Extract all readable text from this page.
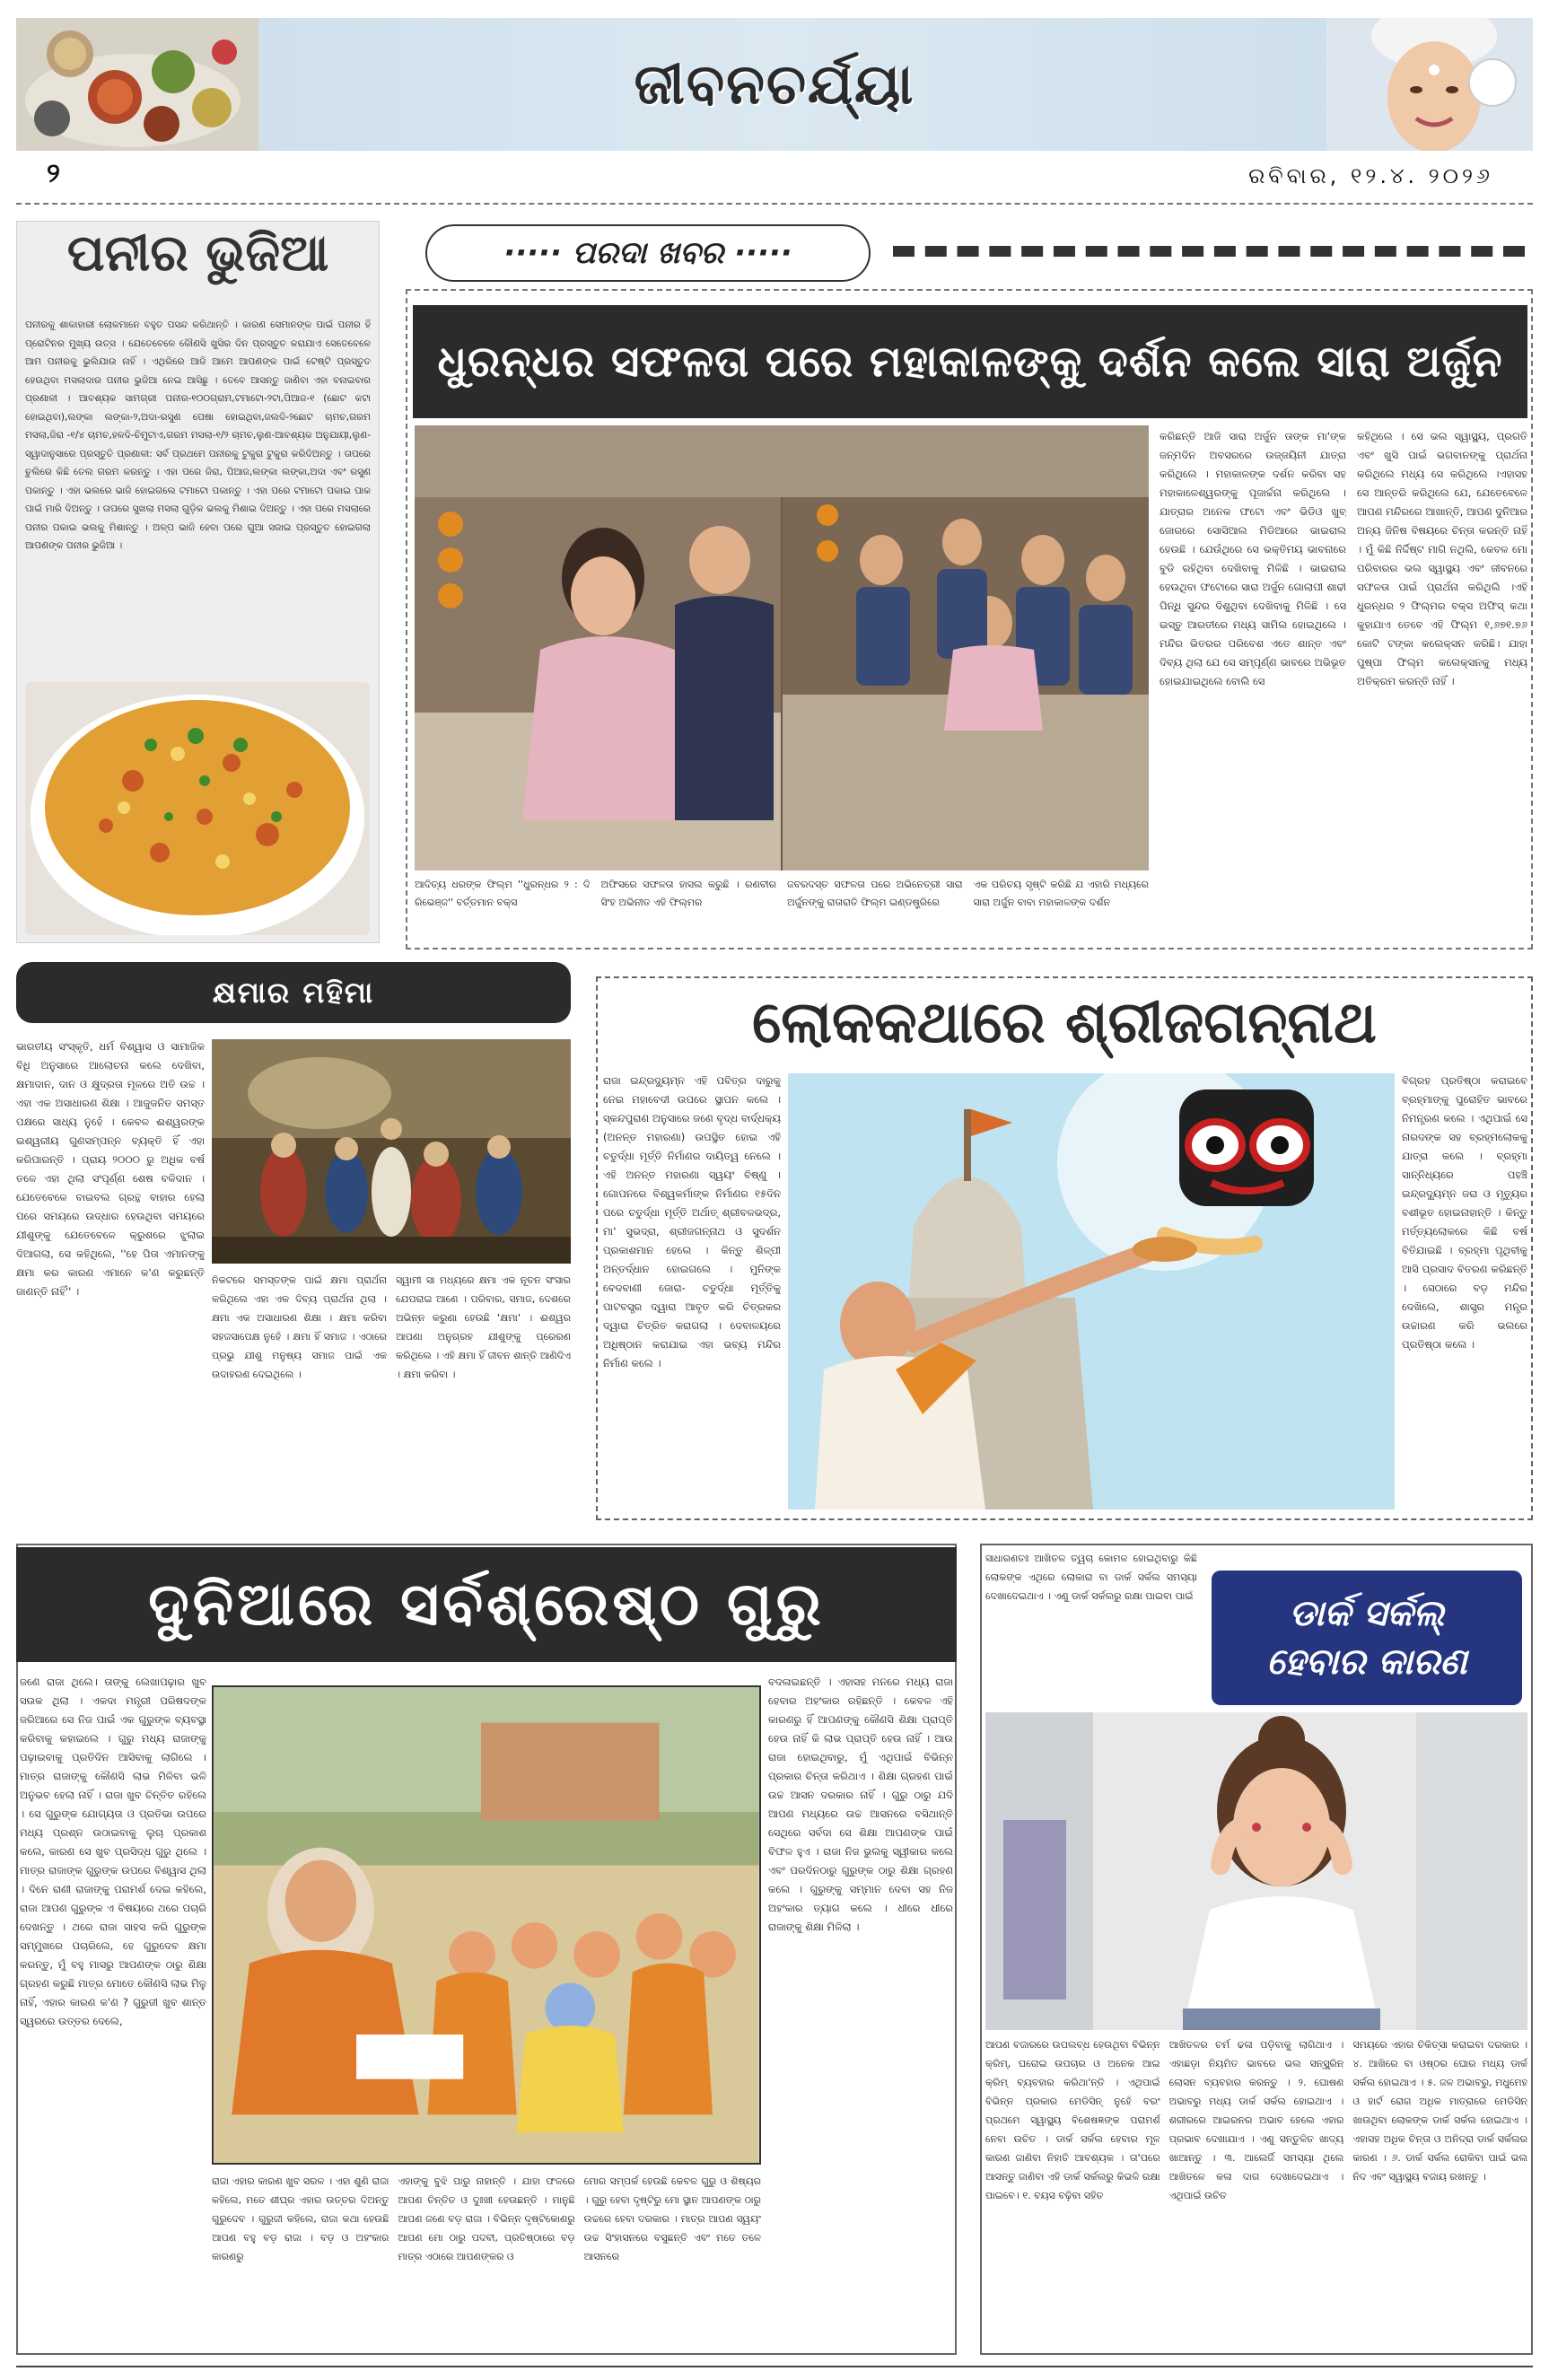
ଜୀବନଚର୍ଯ୍ୟା
୨	ରବିବାର, ୧୨.୪. ୨୦୨୬
ପନୀର ଭୁଜିଆ
ପନୀରକୁ ଶାକାହାରୀ ଲୋକମାନେ ବହୁତ ପସନ୍ଦ କରିଥାନ୍ତି । କାରଣ ସେମାନଙ୍କ ପାଇଁ ପନୀର ହିଁ ପ୍ରୋଟିନର ମୁଖ୍ୟ ଉତ୍ସ । ଯେତେବେଳେ କୌଣସି ଖୁସିର ଦିନ ପ୍ରସ୍ତୁତ କରାଯାଏ ସେତେବେଳେ ଆମ ପନୀରକୁ ଭୁଲିଯାଉ ନାହିଁ । ଏଥିରିରେ ଆଜି ଆମେ ଆପଣଙ୍କ ପାଇଁ ଟେଷ୍ଟି ପ୍ରସ୍ତୁତ ହେଉଥିବା ମସଲାଦାର ପନୀର ଭୁଜିଆ ନେଇ ଆସିଛୁ । ତେବେ ଆସନ୍ତୁ ଜାଣିବା ଏହା ବନାଇବାର ପ୍ରଣାଳୀ । ଆବଶ୍ୟକ ସାମଗ୍ରୀ ପନୀର-୧୦୦ଗ୍ରାମ,ଟମାଟୋ-୨ଟା,ପିଆଜ-୧ (ଛୋଟ କଟା ହୋଇଥିବା),ଲଙ୍କା ଲଙ୍କା-୨,ଅଦା-ରସୁଣ ପେଷା ହୋଇଥିବା,ଜଲଦି-୨ଛୋଟ ଚାମଚ,ଗରମ ମସଲା,ଜିରା -୧/୪ ଚାମଚ,ହଳଦି-ଚିମୁଟାଏ,ଗରମ ମସଲା-୧/୨ ଚାମଚ,ଲୁଣ-ଆବଶ୍ୟକ ଅନୁଯାୟୀ,ଲୁଣ-ସ୍ୱାଦାନୁସାରେ ପ୍ରସ୍ତୁତି ପ୍ରଣାଳୀ: ସର୍ବ ପ୍ରଥମେ ପନୀରକୁ ଟୁକୁରା ଟୁକୁରା କରିଦିଅନ୍ତୁ । ତାପରେ ଚୁଲିରେ କିଛି ତେଲ ଗରମ କରନ୍ତୁ । ଏହା ପରେ ଜିରା, ପିଆଜ,ଲଙ୍କା ଲଙ୍କା,ଅଦା ଏବଂ ରସୁଣ ପକାନ୍ତୁ । ଏହା ଭଲରେ ଭାଜି ହୋଇଗଲେ ଟମାଟୋ ପକାନ୍ତୁ । ଏହା ପରେ ଟମାଟୋ ପକାଇ ପାକ ପାଇଁ ମାରି ଦିଅନ୍ତୁ । ତାପରେ ସୁଖଲା ମସଲା ଗୁଡ଼ିକ ଭଲକୁ ମିଶାଇ ଦିଅନ୍ତୁ । ଏହା ପରେ ମସଲାରେ ପନୀର ପକାଇ ଭଲକୁ ମିଶାନ୍ତୁ । ଅଳ୍ପ ଭାଜି ହେବା ପରେ ଗୁଆ ସଜାଇ ପ୍ରସ୍ତୁତ ହୋଇଗଲା ଆପଣଙ୍କ ପନୀର ଭୁଜିଆ ।
····· ପରଦା ଖବର ·····
ଧୁରନ୍ଧର ସଫଳତା ପରେ ମହାକାଳଙ୍କୁ ଦର୍ଶନ କଲେ ସାରା ଅର୍ଜୁନ
କରିଛନ୍ତି ଆଜି ସାରା ଅର୍ଜୁନ ତାଙ୍କ ମା'ଙ୍କ ଜନ୍ମଦିନ ଅବସରରେ ଉଜ୍ଜୟିନୀ ଯାତ୍ରା କରିଥିଲେ । ମହାକାଳଙ୍କ ଦର୍ଶନ କରିବା ସହ ମହାକାଳେଶ୍ୱରଙ୍କୁ ପୂଜାର୍ଚ୍ଚନା କରିଥିଲେ । ଯାତ୍ରାର ଅନେକ ଫଟୋ ଏବଂ ଭିଡିଓ ଖୁବ୍ ଜୋରରେ ସୋସିଆଲ ମିଡିଆରେ ଭାଇରାଲ ହେଉଛି । ଯେଉଁଥିରେ ସେ ଭକ୍ତିମୟ ଭାବନାରେ ବୁଡି ରହିଥିବା ଦେଖିବାକୁ ମିଳିଛି । ଭାଇରାଲ ହେଉଥିବା ଫଟୋରେ ସାରା ଅର୍ଜୁନ ଗୋଲାପୀ ଶାଢୀ ପିନ୍ଧି ସୁନ୍ଦର ଦିଶୁଥିବା ଦେଖିବାକୁ ମିଳିଛି । ସେ ଇସ୍ତୁ ଆରତୀରେ ମଧ୍ୟ ସାମିଲ ହୋଇଥିଲେ । ମନ୍ଦିର ଭିତରର ପରିବେଶ ଏତେ ଶାନ୍ତ ଏବଂ ଦିବ୍ୟ ଥିଲା ଯେ ସେ ସମ୍ପୂର୍ଣ୍ଣ ଭାବରେ ଅଭିଭୂତ ହୋଇଯାଇଥିଲେ ବୋଲି ସେ
କହିଥିଲେ । ସେ ଭଲ ସ୍ୱାସ୍ଥ୍ୟ, ପ୍ରଗତି ଏବଂ ଖୁସି ପାଇଁ ଭଗବାନଙ୍କୁ ପ୍ରାର୍ଥନା କରିଥିଲେ ମଧ୍ୟ ସେ କରିଥିଲେ ।ଏହାସହ ସେ ଆନ୍ତରି କରିଥିଲେ ଯେ, ଯେତେବେଳେ ଆପଣ ମନ୍ଦିରରେ ଆଖାନ୍ତି, ଆପଣ ଦୁନିଆର ଅନ୍ୟ ଜିନିଷ ବିଷୟରେ ଚିନ୍ତା କରନ୍ତି ନାହିଁ । ମୁଁ କିଛି ନିର୍ଦ୍ଦିଷ୍ଟ ମାଗି ନଥିଲି, କେବଳ ମୋ ପରିବାରର ଭଲ ସ୍ୱାସ୍ଥ୍ୟ ଏବଂ ଜୀବନରେ ସଫଳତା ପାଇଁ ପ୍ରାର୍ଥନା କରିଥିଲି ।ଏହି ଧୁରନ୍ଧର ୨ ଫିଲ୍ମର ବକ୍ସ ଅଫିସ୍ କଥା କୁହାଯାଏ ତେବେ ଏହି ଫିଲ୍ମ ୧,୬୭୧.୭୬ କୋଟି ଟଙ୍କା କଲେକ୍ସନ କରିଛି। ଯାହା ପୁଷ୍ପା ଫିଲ୍ମ କଲେକ୍ସନକୁ ମଧ୍ୟ ଅତିକ୍ରମ କରନ୍ତି ନାହିଁ ।
ଆଦିତ୍ୟ ଧରଙ୍କ ଫିଲ୍ମ ''ଧୁରନ୍ଧର ୨ : ଦି ରିଭେଞ୍ଜ'' ବର୍ତ୍ତମାନ ବକ୍ସ
ଅଫିସରେ ସଫଳତା ହାସଲ କରୁଛି । ରଣବୀର ସିଂହ ଅଭିନୀତ ଏହି ଫିଲ୍ମର
ଜବରଦସ୍ତ ସଫଳତା ପରେ ଅଭିନେତ୍ରୀ ସାରା ଅର୍ଜୁନଙ୍କୁ ରାତାରାତି ଫିଲ୍ମ ଇଣ୍ଡଷ୍ଟ୍ରିରେ
ଏକ ପରିଚୟ ସୃଷ୍ଟି କରିଛି ଯ ଏହାରି ମଧ୍ୟରେ ସାରା ଅର୍ଜୁନ ବାବା ମହାକାଳଙ୍କ ଦର୍ଶନ
କ୍ଷମାର ମହିମା
ଭାରତୀୟ ସଂସ୍କୃତି, ଧର୍ମ ବିଶ୍ୱାସ ଓ ସାମାଜିକ ବିଧି ଅନୁସାରେ ଆଲୋଚନା କଲେ ଦେଖିବା, କ୍ଷମାଦାନ, ଦାନ ଓ କ୍ଷୁଦ୍ରତା ମୂଳରେ ଅତି ଉଚ୍ଚ । ଏହା ଏକ ଅସାଧାରଣ ଶିକ୍ଷା । ଆଜୁଜନିତ ସମସ୍ତ ପକ୍ଷରେ ସାଧ୍ୟ ନୁହେଁ । କେବଳ ଈଶ୍ୱରଙ୍କ ଇଶ୍ୱରୀୟ ଗୁଣସମ୍ପନ୍ନ ବ୍ୟକ୍ତି ହିଁ ଏହା କରିପାରନ୍ତି । ପ୍ରାୟ ୨୦୦୦ ରୁ ଅଧିକ ବର୍ଷ ତଳେ ଏହା ଥିଲା ସଂପୂର୍ଣ୍ଣ ଶେଷ ବଳିଦାନ । ଯେତେବେଳେ ବାଇବଲ ଗ୍ରନ୍ଥ ବାହାର ହେଲା ପରେ ସମୟରେ ଉଦ୍ଧାର ହେଉଥିବା ସମୟରେ ଯୀଶୁଙ୍କୁ ଯେତେବେଳେ କ୍ରୁଶରେ ଝୁଲାଇ ଦିଆଗଲା, ସେ କହିଥିଲେ, ''ହେ ପିତା ଏମାନଙ୍କୁ କ୍ଷମା କର କାରଣ ଏମାନେ କ'ଣ କରୁଛନ୍ତି ଜାଣନ୍ତି ନାହିଁ'' ।
ନିକଟରେ ସମସ୍ତଙ୍କ ପାଇଁ କ୍ଷମା ପ୍ରାର୍ଥନା କରିଥିଲେ ଏହା ଏକ ଦିବ୍ୟ ପ୍ରାର୍ଥନା ଥିଲା । କ୍ଷମା ଏକ ଅସାଧାରଣ ଶିକ୍ଷା । କ୍ଷମା କରିବା ସହଜସାପେକ୍ଷ ନୁହେଁ । କ୍ଷମା ହିଁ ସମାଜ । ଏଠାରେ ପ୍ରଭୁ ଯୀଶୁ ମନୁଷ୍ୟ ସମାଜ ପାଇଁ ଏକ ଉଦାହରଣ ଦେଇଥିଲେ ।
ସ୍ୱାମୀ ସା ମଧ୍ୟରେ କ୍ଷମା ଏକ ନୂତନ ସଂସାର ଯେପରାଇ ଆଣେ । ପରିବାର, ସମାଜ, ଦେଶରେ ଅଭିନ୍ନ କରୁଣା ହେଉଛି 'କ୍ଷମା' । ଈଶ୍ୱର ଆପଣା ଅନୁଗ୍ରହ ଯୀଶୁଙ୍କୁ ପ୍ରେରଣ କରିଥିଲେ । ଏହି କ୍ଷମା ହିଁ ଜୀବନ ଶାନ୍ତି ଆଣିଦିଏ । କ୍ଷମା କରିବା ।
ଲୋକକଥାରେ ଶ୍ରୀଜଗନ୍ନାଥ
ରାଜା ଇନ୍ଦ୍ରଦ୍ୟୁମ୍ନ ଏହି ପବିତ୍ର ଦାରୁକୁ ନେଇ ମହାବେଦୀ ଉପରେ ସ୍ଥାପନ କଲେ । ସ୍କନ୍ଦପୁରାଣ ଅନୁସାରେ ଜଣେ ବୃଦ୍ଧ ବାର୍ଦ୍ଧକ୍ୟ (ଅନନ୍ତ ମହାରଣା) ଉପସ୍ଥିତ ହୋଇ ଏହି ଚତୁର୍ଦ୍ଧା ମୂର୍ତ୍ତି ନିର୍ମାଣର ଦାୟିତ୍ୱ ନେଲେ । ଏହି ଅନନ୍ତ ମହାରଣା ସ୍ୱୟଂ ବିଷ୍ଣୁ । ଗୋପନରେ ବିଶ୍ୱକର୍ମାଙ୍କ ନିର୍ମାଣର ୧୫ଦିନ ପରେ ଚତୁର୍ଦ୍ଧା ମୂର୍ତ୍ତି ଅର୍ଥାତ୍ ଶ୍ରୀବଳଭଦ୍ର, ମା' ସୁଭଦ୍ରା, ଶ୍ରୀଜଗନ୍ନାଥ ଓ ସୁଦର୍ଶନ ପ୍ରକାଶମାନ ହେଲେ । କିନ୍ତୁ ଶିଳ୍ପୀ ଅନ୍ତର୍ଦ୍ଧାନ ହୋଇଗଲେ । ମୁନିଙ୍କ ବେଦବାଣୀ ଜୋରା- ଚତୁର୍ଦ୍ଧା ମୂର୍ତ୍ତିକୁ ପାଟବସ୍ତ୍ର ଦ୍ୱାରା ଆବୃତ କରି ଚିତ୍ରକର ଦ୍ୱାରା ଚିତ୍ରିତ କରାଗଲା । ଦେବାଳୟରେ ଅଧିଷ୍ଠାନ କରାଯାଇ ଏହା ଭବ୍ୟ ମନ୍ଦିର ନିର୍ମାଣ କଲେ ।
ବିଗ୍ରହ ପ୍ରତିଷ୍ଠା କରାଇବେ ବ୍ରହ୍ମାଙ୍କୁ ପୁରୋହିତ ଭାବରେ ନିମନ୍ତ୍ରଣ କଲେ । ଏଥିପାଇଁ ସେ ନାରଦଙ୍କ ସହ ବ୍ରହ୍ମଲୋକକୁ ଯାତ୍ରା କଲେ । ବ୍ରହ୍ମା ସାନ୍ନିଧ୍ୟରେ ପହଞ୍ଚି ଇନ୍ଦ୍ରଦ୍ୟୁମ୍ନ ଜରା ଓ ମୃତ୍ୟୁର ବଶୀଭୂତ ହୋଇନାହାନ୍ତି । କିନ୍ତୁ ମର୍ତ୍ତ୍ୟଲୋକରେ କିଛି ବର୍ଷ ବିତିଯାଇଛି । ବ୍ରହ୍ମା ପୃଥିବୀକୁ ଆସି ପ୍ରସାଦ ବିତରଣ କରିଛନ୍ତି । ସେଠାରେ ବଡ଼ ମନ୍ଦିର ଦେଖିଲେ, ଶାସ୍ତ୍ର ମନ୍ତ୍ର ଉଚ୍ଚାରଣ କରି ଭଲରେ ପ୍ରତିଷ୍ଠା କଲେ ।
ଦୁନିଆରେ ସର୍ବଶ୍ରେଷ୍ଠ ଗୁରୁ
ଜଣେ ରାଜା ଥିଲେ। ତାଙ୍କୁ ଲେଖାପଢ଼ାର ଖୁବ ସଉକ ଥିଲା । ଏକଦା ମନ୍ତ୍ରୀ ପରିଷଦଙ୍କ ଜରିଆରେ ସେ ନିଜ ପାଇଁ ଏକ ଗୁରୁଙ୍କ ବ୍ୟବସ୍ଥା କରିବାକୁ କହାଇଲେ । ଗୁରୁ ମଧ୍ୟ ରାଜାଙ୍କୁ ପଢ଼ାଇବାକୁ ପ୍ରତିଦିନ ଆସିବାକୁ ଲାଗିଲେ । ମାତ୍ର ରାଜାଙ୍କୁ କୌଣସି ଲାଭ ମିଳିବା ଭଳି ଅନୁଭବ ହେଲା ନାହିଁ । ରାଜା ଖୁବ ଚିନ୍ତିତ ରହିଲେ । ସେ ଗୁରୁଙ୍କ ଯୋଗ୍ୟତା ଓ ପ୍ରତିଭା ଉପରେ ମଧ୍ୟ ପ୍ରଶ୍ନ ଉଠାଇବାକୁ ଲୁଚା ପ୍ରକାଶ କଲେ, କାରଣ ସେ ଖୁବ ପ୍ରସିଦ୍ଧ ଗୁରୁ ଥିଲେ । ମାତ୍ର ରାଜାଙ୍କ ଗୁରୁଙ୍କ ଉପରେ ବିଶ୍ୱାସ ଥିଲା । ଦିନେ ରାଣୀ ରାଜାଙ୍କୁ ପରାମର୍ଶ ଦେଇ କହିଲେ, ରାଜା ଆପଣ ଗୁରୁଙ୍କ ଏ ବିଷୟରେ ଥରେ ପଚାରି ଦେଖନ୍ତୁ । ଥରେ ରାଜା ସାହସ କରି ଗୁରୁଙ୍କ ସମ୍ମୁଖରେ ପଚାରିଲେ, ହେ ଗୁରୁଦେବ କ୍ଷମା କରନ୍ତୁ, ମୁଁ ବହୁ ମାସରୁ ଆପଣଙ୍କ ଠାରୁ ଶିକ୍ଷା ଗ୍ରହଣ କରୁଛି ମାତ୍ର ମୋତେ କୌଣସି ଲାଭ ମିଳୁ ନାହିଁ, ଏହାର କାରଣ କ'ଣ ? ଗୁରୁଜୀ ଖୁବ ଶାନ୍ତ ସ୍ୱରରେ ଉତ୍ତର ଦେଲେ,
ବଦଳାଇଛନ୍ତି । ଏହାସହ ମନରେ ମଧ୍ୟ ରାଜା ହେବାର ଅହଂକାର ରହିଛନ୍ତି । କେବଳ ଏହି କାରଣରୁ ହିଁ ଆପଣଙ୍କୁ କୌଣସି ଶିକ୍ଷା ପ୍ରାପ୍ତି ହେଉ ନାହିଁ କି ଲାଭ ପ୍ରାପ୍ତି ହେଉ ନାହିଁ । ଆଉ ରାଜା ହୋଇଥିବାରୁ, ମୁଁ ଏଥିପାଇଁ ବିଭିନ୍ନ ପ୍ରକାର ଚିନ୍ତା କରିଥାଏ । ଶିକ୍ଷା ଗ୍ରହଣ ପାଇଁ ଉଚ୍ଚ ଆସନ ଦରକାର ନାହିଁ । ଗୁରୁ ଠାରୁ ଯଦି ଆପଣ ମଧ୍ୟରେ ଉଚ୍ଚ ଆସନରେ ବସିଥାନ୍ତି ସେଥିରେ ସର୍ବଦା ସେ ଶିକ୍ଷା ଆପଣଙ୍କ ପାଇଁ ବିଫଳ ହୁଏ । ରାଜା ନିଜ ଭୁଲକୁ ସ୍ୱୀକାର କଲେ ଏବଂ ପରଦିନଠାରୁ ଗୁରୁଙ୍କ ଠାରୁ ଶିକ୍ଷା ଗ୍ରହଣ କଲେ । ଗୁରୁଙ୍କୁ ସମ୍ମାନ ଦେବା ସହ ନିଜ ଅହଂକାର ତ୍ୟାଗ କଲେ । ଧୀରେ ଧୀରେ ରାଜାଙ୍କୁ ଶିକ୍ଷା ମିଳିଲା ।
ରାଜା ଏହାର କାରଣ ଖୁବ ସରଳ । ଏହା ଶୁଣି ରାଜା କହିଲେ, ମତେ ଶୀଘ୍ର ଏହାର ଉତ୍ତର ଦିଅନ୍ତୁ ଗୁରୁଦେବ । ଗୁରୁଜୀ କହିଲେ, ରାଜା କଥା ହେଉଛି ଆପଣ ବହୁ ବଡ଼ ରାଜା । ବଡ଼ ଓ ଅହଂକାର କାରଣରୁ
ଏହାଙ୍କୁ ବୁଝି ପାରୁ ନାହାନ୍ତି । ଯାହା ଫଳରେ ଆପଣ ଚିନ୍ତିତ ଓ ଦୁଃଖୀ ହେଉଛନ୍ତି । ମାନୁଛି ଆପଣ ଜଣେ ବଡ଼ ରାଜା । ବିଭିନ୍ନ ଦୃଷ୍ଟିକୋଣରୁ ଆପଣ ମୋ ଠାରୁ ପଦବୀ, ପ୍ରତିଷ୍ଠାରେ ବଡ଼ ମାତ୍ର ଏଠାରେ ଆପଣଙ୍କର ଓ
ମୋର ସମ୍ପର୍କ ହେଉଛି କେବଳ ଗୁରୁ ଓ ଶିଷ୍ୟର । ଗୁରୁ ହେବା ଦୃଷ୍ଟିରୁ ମୋ ସ୍ଥାନ ଆପଣଙ୍କ ଠାରୁ ଉଚ୍ଚରେ ହେବା ଦରକାର । ମାତ୍ର ଆପଣ ସ୍ୱୟଂ ଉଚ୍ଚ ସିଂହାସନରେ ବସୁଛନ୍ତି ଏବଂ ମତେ ତଳେ ଆସନରେ
ସାଧାରଣତଃ ଆଖିତଳ ତ୍ୱଚା କୋମଳ ହୋଇଥିବାରୁ କିଛି ଲୋକଙ୍କ ଏଥିରେ ଲୋକାରା ବା ଡାର୍କ ସର୍କଲ ସମସ୍ୟା ଦେଖାଦେଇଥାଏ । ଏଣୁ ଡାର୍କ ସର୍କଲରୁ ରକ୍ଷା ପାଇବା ପାଇଁ	ଡାର୍କ ସର୍କଲ୍
ହେବାର କାରଣ
ଆପଣ ବଜାରରେ ଉପଲବ୍ଧ ହେଉଥିବା ବିଭିନ୍ନ କ୍ରିମ୍, ଘରୋଇ ଉପଚାର ଓ ଅନେକ ଆଇ କ୍ରିମ୍ ବ୍ୟବହାର କରିଥା'ନ୍ତି । ଏଥିପାଇଁ ବିଭିନ୍ନ ପ୍ରକାର ମେଡିସିନ୍ ନୁହେଁ ବରଂ ପ୍ରଥମେ ସ୍ୱାସ୍ଥ୍ୟ ବିଶେଷଜ୍ଞଙ୍କ ପରାମର୍ଶ ନେବା ଉଚିତ । ଡାର୍କ ସର୍କଲ ହେବାର ମୂଳ କାରଣ ଜାଣିବା ନିହାତି ଆବଶ୍ୟକ । ତା'ପରେ ଆସନ୍ତୁ ଜାଣିବା ଏହି ଡାର୍କ ସର୍କଲରୁ କିଭଳି ରକ୍ଷା ପାଇବେ। ୧. ବୟସ ବଢ଼ିବା ସହିତ
ଆଖିତଳର ଚର୍ମ ଢଳା ପଡ଼ିବାକୁ ଲାଗିଥାଏ । ଏହାଛଡ଼ା ନିୟମିତ ଭାବରେ ଭଲ ସନ୍‌ସ୍କ୍ରିନ୍ ଲୋସନ ବ୍ୟବହାର କରନ୍ତୁ । ୨. ଘୋଷଣ ଅଭାବରୁ ମଧ୍ୟ ଡାର୍କ ସର୍କଲ ହୋଇଥାଏ । ଶରୀରରେ ଆଇରନର ଅଭାବ ହେଲେ ଏହାର ପ୍ରଭାବ ଦେଖାଯାଏ । ଏଣୁ ସନ୍ତୁଳିତ ଖାଦ୍ୟ ଖାଆନ୍ତୁ । ୩. ଆଲେର୍ଜି ସମସ୍ୟା ଥିଲେ ଆଖିତଳେ କଳା ଦାଗ ଦେଖାଦେଇଥାଏ । ଏଥିପାଇଁ ଉଚିତ
ସମୟରେ ଏହାର ଚିକିତ୍ସା କରାଇବା ଦରକାର । ୪. ଆଖିରେ ବା ଓଷ୍ଠର ଘୋର ମଧ୍ୟ ଡାର୍କ ସର୍କଲ ହୋଇଥାଏ । ୫. ଜଳ ଅଭାବରୁ, ମଧୁମେହ ଓ ହାର୍ଟ ରୋଗ ଅଧିକ ମାତ୍ରାରେ ମେଡିସିନ୍ ଖାଉଥିବା ଲୋକଙ୍କ ଡାର୍କ ସର୍କଲ ହୋଇଥାଏ । ଏହାସହ ଅଧିକ ଚିନ୍ତା ଓ ଅନିଦ୍ରା ଡାର୍କ ସର୍କଲର କାରଣ । ୬. ଡାର୍କ ସର୍କଲ ରୋକିବା ପାଇଁ ଭଲ ନିଦ ଏବଂ ସ୍ୱାସ୍ଥ୍ୟ ବଜାୟ ରଖନ୍ତୁ ।
